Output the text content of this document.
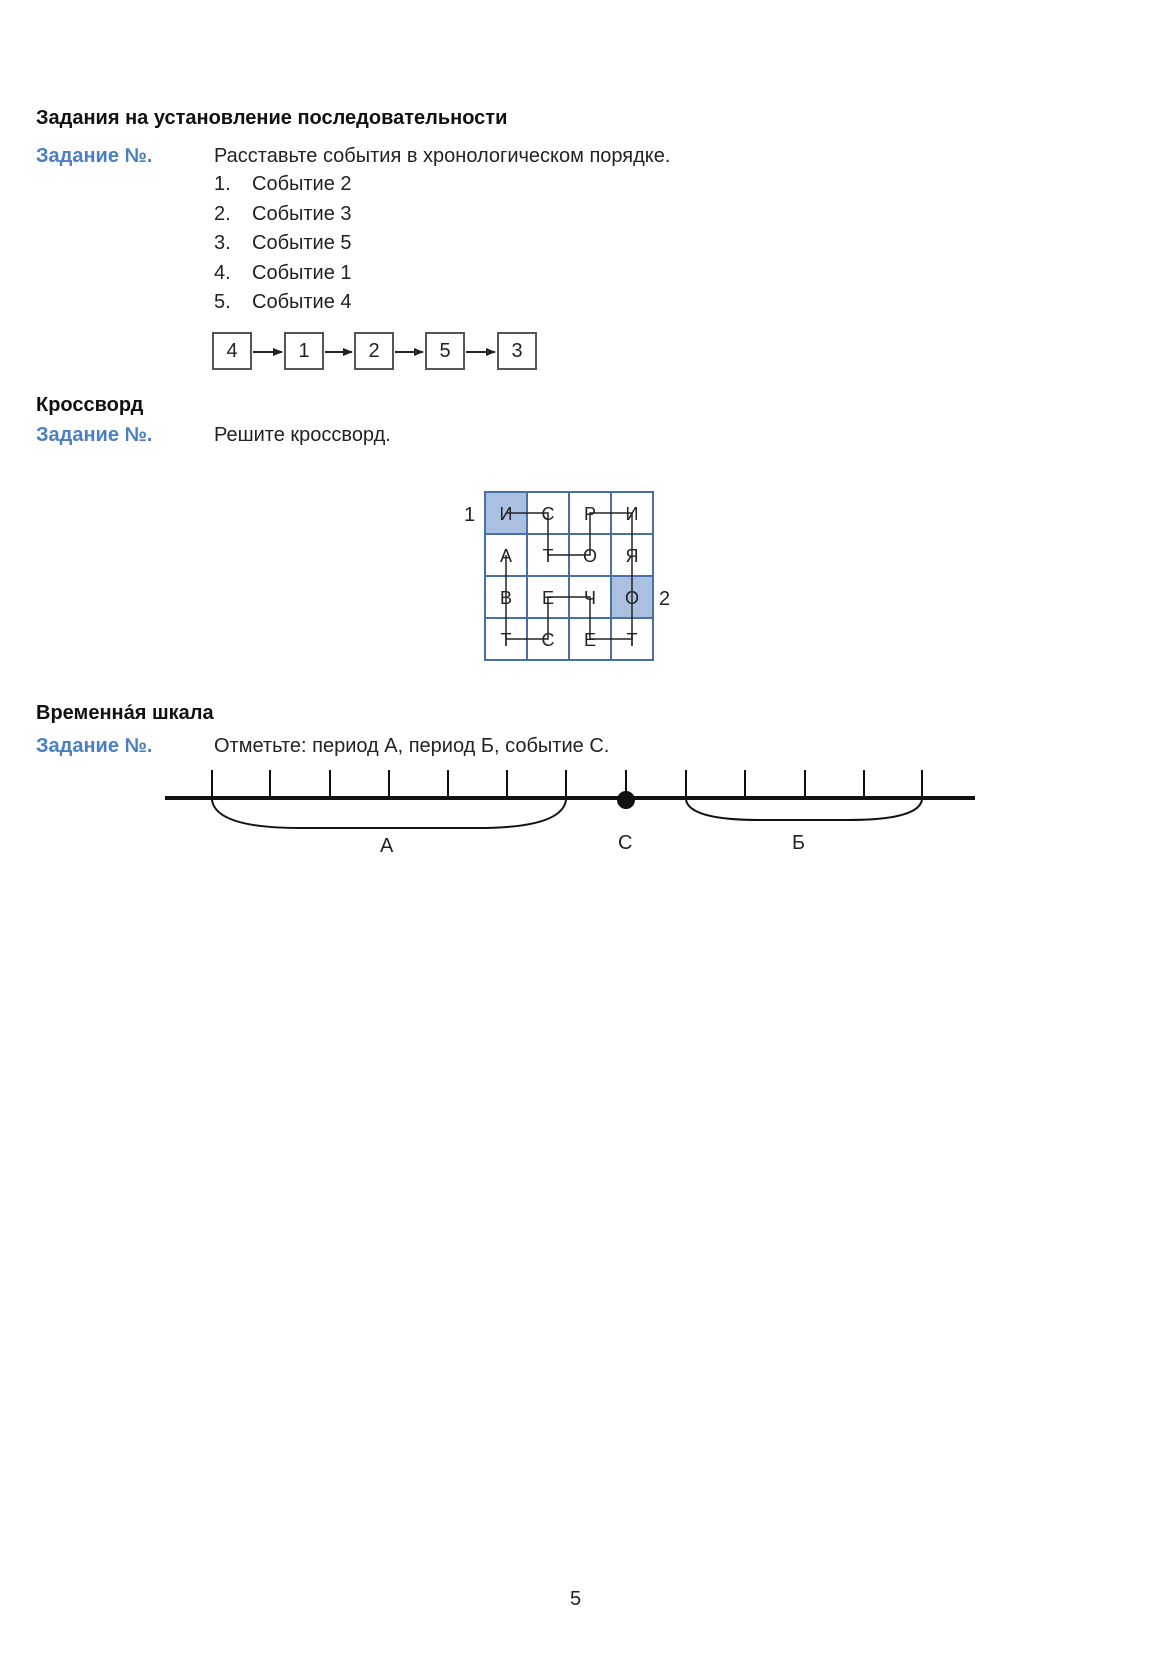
Задания на установление последовательности
Задание №.	Расставьте события в хронологическом порядке.
1. Событие 2
2. Событие 3
3. Событие 5
4. Событие 1
5. Событие 4
4	1	2	5	3
Кроссворд
Задание №.	Решите кроссворд.
1
2
И С Р И
А Т О Я
В Е Ч О
Т С Е Т
Временна́я шкала
Задание №.	Отметьте: период А, период Б, событие С.
А	С	Б
5
